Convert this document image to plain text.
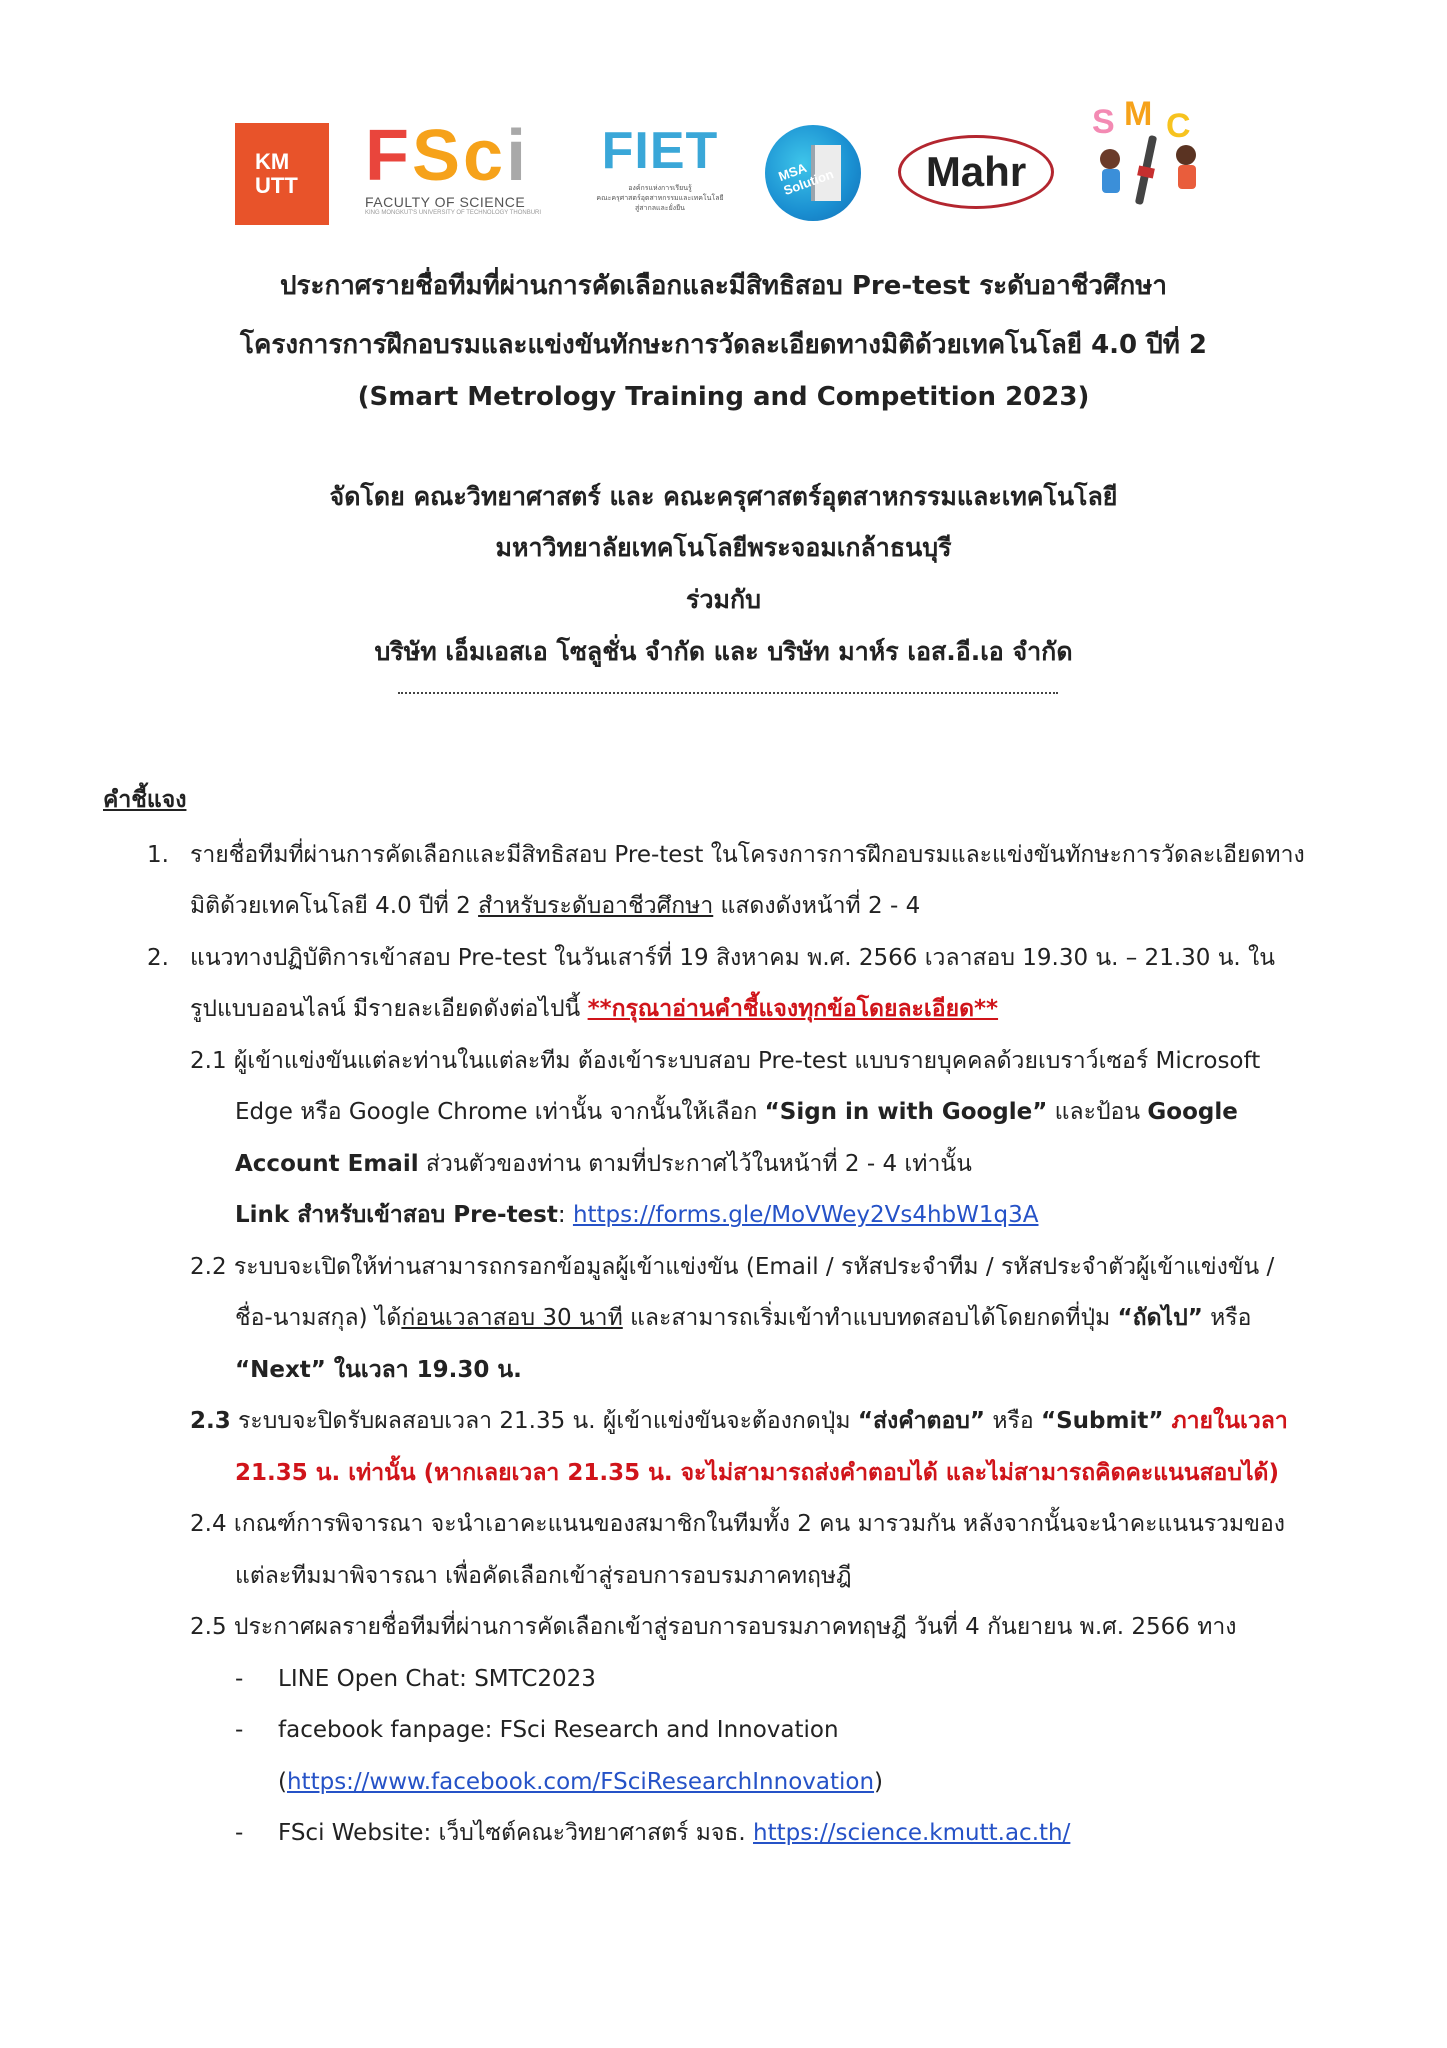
KM UTT FSci
FACULTY OF SCIENCE
KING MONGKUT'S UNIVERSITY OF TECHNOLOGY THONBURI
FIET
องค์กรแห่งการเรียนรู้
คณะครุศาสตร์อุตสาหกรรมและเทคโนโลยี
สู่สากลและยั่งยืน
MSA Solution	Mahr
S M C
ประกาศรายชื่อทีมที่ผ่านการคัดเลือกและมีสิทธิสอบ Pre-test ระดับอาชีวศึกษา
โครงการการฝึกอบรมและแข่งขันทักษะการวัดละเอียดทางมิติด้วยเทคโนโลยี 4.0 ปีที่ 2
(Smart Metrology Training and Competition 2023)
จัดโดย คณะวิทยาศาสตร์ และ คณะครุศาสตร์อุตสาหกรรมและเทคโนโลยี
มหาวิทยาลัยเทคโนโลยีพระจอมเกล้าธนบุรี
ร่วมกับ
บริษัท เอ็มเอสเอ โซลูชั่น จำกัด และ บริษัท มาห์ร เอส.อี.เอ จำกัด
คำชี้แจง
1. รายชื่อทีมที่ผ่านการคัดเลือกและมีสิทธิสอบ Pre-test ในโครงการการฝึกอบรมและแข่งขันทักษะการวัดละเอียดทาง
มิติด้วยเทคโนโลยี 4.0 ปีที่ 2 สำหรับระดับอาชีวศึกษา แสดงดังหน้าที่ 2 - 4
2. แนวทางปฏิบัติการเข้าสอบ Pre-test ในวันเสาร์ที่ 19 สิงหาคม พ.ศ. 2566 เวลาสอบ 19.30 น. – 21.30 น. ใน
รูปแบบออนไลน์ มีรายละเอียดดังต่อไปนี้ **กรุณาอ่านคำชี้แจงทุกข้อโดยละเอียด**
2.1 ผู้เข้าแข่งขันแต่ละท่านในแต่ละทีม ต้องเข้าระบบสอบ Pre-test แบบรายบุคคลด้วยเบราว์เซอร์ Microsoft
Edge หรือ Google Chrome เท่านั้น จากนั้นให้เลือก “Sign in with Google” และป้อน Google
Account Email ส่วนตัวของท่าน ตามที่ประกาศไว้ในหน้าที่ 2 - 4 เท่านั้น
Link สำหรับเข้าสอบ Pre-test: https://forms.gle/MoVWey2Vs4hbW1q3A
2.2 ระบบจะเปิดให้ท่านสามารถกรอกข้อมูลผู้เข้าแข่งขัน (Email / รหัสประจำทีม / รหัสประจำตัวผู้เข้าแข่งขัน /
ชื่อ-นามสกุล) ได้ก่อนเวลาสอบ 30 นาที และสามารถเริ่มเข้าทำแบบทดสอบได้โดยกดที่ปุ่ม “ถัดไป” หรือ
“Next” ในเวลา 19.30 น.
2.3 ระบบจะปิดรับผลสอบเวลา 21.35 น. ผู้เข้าแข่งขันจะต้องกดปุ่ม “ส่งคำตอบ” หรือ “Submit” ภายในเวลา
21.35 น. เท่านั้น (หากเลยเวลา 21.35 น. จะไม่สามารถส่งคำตอบได้ และไม่สามารถคิดคะแนนสอบได้)
2.4 เกณฑ์การพิจารณา จะนำเอาคะแนนของสมาชิกในทีมทั้ง 2 คน มารวมกัน หลังจากนั้นจะนำคะแนนรวมของ
แต่ละทีมมาพิจารณา เพื่อคัดเลือกเข้าสู่รอบการอบรมภาคทฤษฎี
2.5 ประกาศผลรายชื่อทีมที่ผ่านการคัดเลือกเข้าสู่รอบการอบรมภาคทฤษฎี วันที่ 4 กันยายน พ.ศ. 2566 ทาง
- LINE Open Chat: SMTC2023
- facebook fanpage: FSci Research and Innovation
(https://www.facebook.com/FSciResearchInnovation)
- FSci Website: เว็บไซต์คณะวิทยาศาสตร์ มจธ. https://science.kmutt.ac.th/
